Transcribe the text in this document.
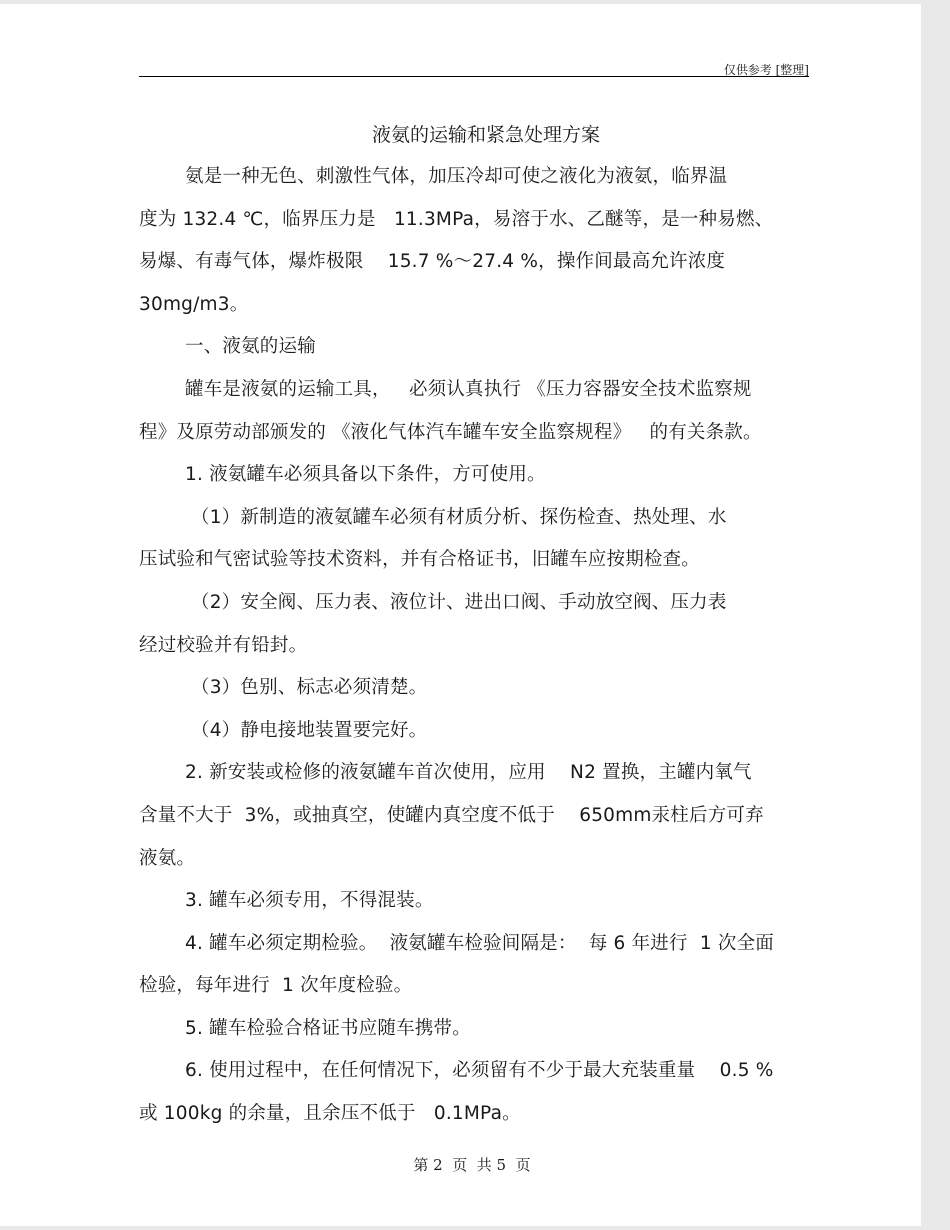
仅供参考 [整理]
液氨的运输和紧急处理方案
氨是一种无色、刺激性气体，加压冷却可使之液化为液氨，临界温
度为 132.4 ℃，临界压力是   11.3MPa，易溶于水、乙醚等，是一种易燃、
易爆、有毒气体，爆炸极限    15.7 %～27.4 %，操作间最高允许浓度
30mg/m3。
一、液氨的运输
罐车是液氨的运输工具，   必须认真执行 《压力容器安全技术监察规
程》及原劳动部颁发的 《液化气体汽车罐车安全监察规程》   的有关条款。
1. 液氨罐车必须具备以下条件，方可使用。
（1）新制造的液氨罐车必须有材质分析、探伤检查、热处理、水
压试验和气密试验等技术资料，并有合格证书，旧罐车应按期检查。
（2）安全阀、压力表、液位计、进出口阀、手动放空阀、压力表
经过校验并有铅封。
（3）色别、标志必须清楚。
（4）静电接地装置要完好。
2. 新安装或检修的液氨罐车首次使用，应用    N2 置换，主罐内氧气
含量不大于  3%，或抽真空，使罐内真空度不低于    650mm汞柱后方可弃
液氨。
3. 罐车必须专用，不得混装。
4. 罐车必须定期检验。  液氨罐车检验间隔是：  每 6 年进行  1 次全面
检验，每年进行  1 次年度检验。
5. 罐车检验合格证书应随车携带。
6. 使用过程中，在任何情况下，必须留有不少于最大充装重量    0.5 %
或 100kg 的余量，且余压不低于   0.1MPa。
第 2  页  共 5  页
